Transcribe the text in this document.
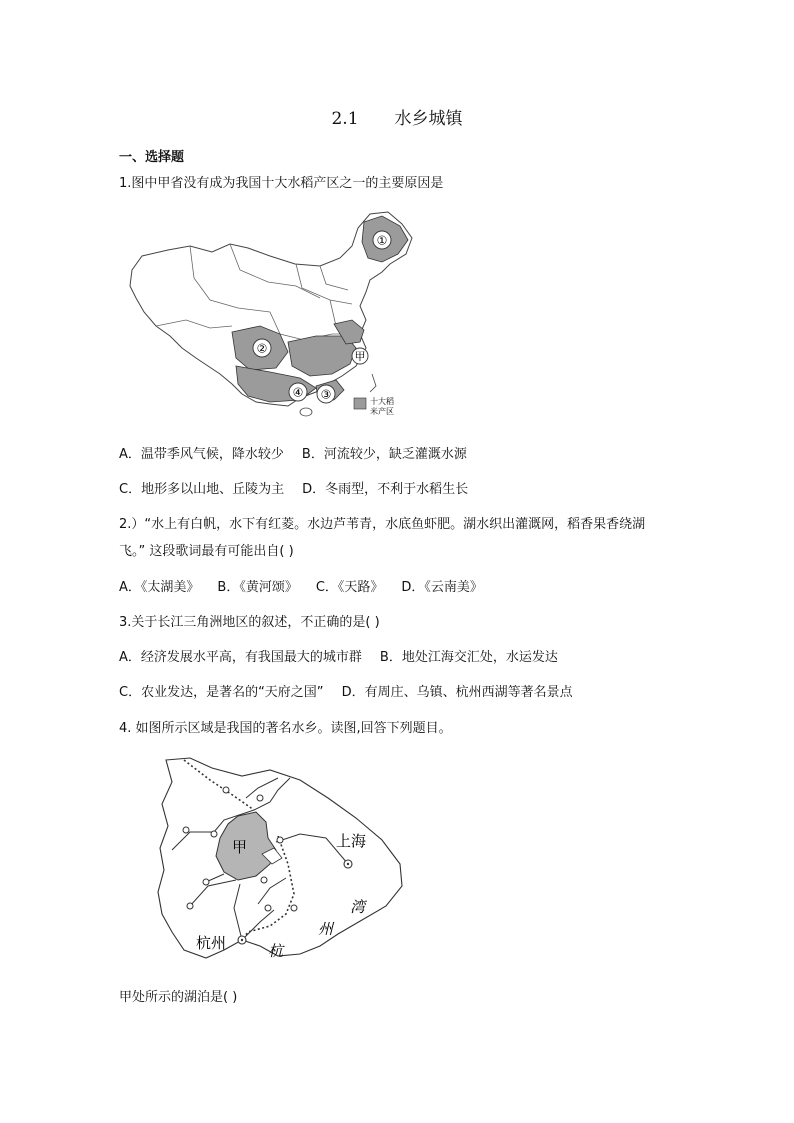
2.1 水乡城镇
一、选择题
1.图中甲省没有成为我国十大水稻产区之一的主要原因是
①
②
④ ③
甲
十大稻
米产区
A．温带季风气候，降水较少 B．河流较少，缺乏灌溉水源
C．地形多以山地、丘陵为主 D．冬雨型，不利于水稻生长
2.）“水上有白帆，水下有红菱。水边芦苇青，水底鱼虾肥。湖水织出灌溉网，稻香果香绕湖
飞。” 这段歌词最有可能出自( )
A．《太湖美》 B．《黄河颂》 C．《天路》 D．《云南美》
3.关于长江三角洲地区的叙述，不正确的是( )
A．经济发展水平高，有我国最大的城市群 B．地处江海交汇处，水运发达
C．农业发达，是著名的“天府之国” D．有周庄、乌镇、杭州西湖等著名景点
4. 如图所示区域是我国的著名水乡。读图,回答下列题目。
甲	上海
杭州
湾
州
杭
甲处所示的湖泊是( )
